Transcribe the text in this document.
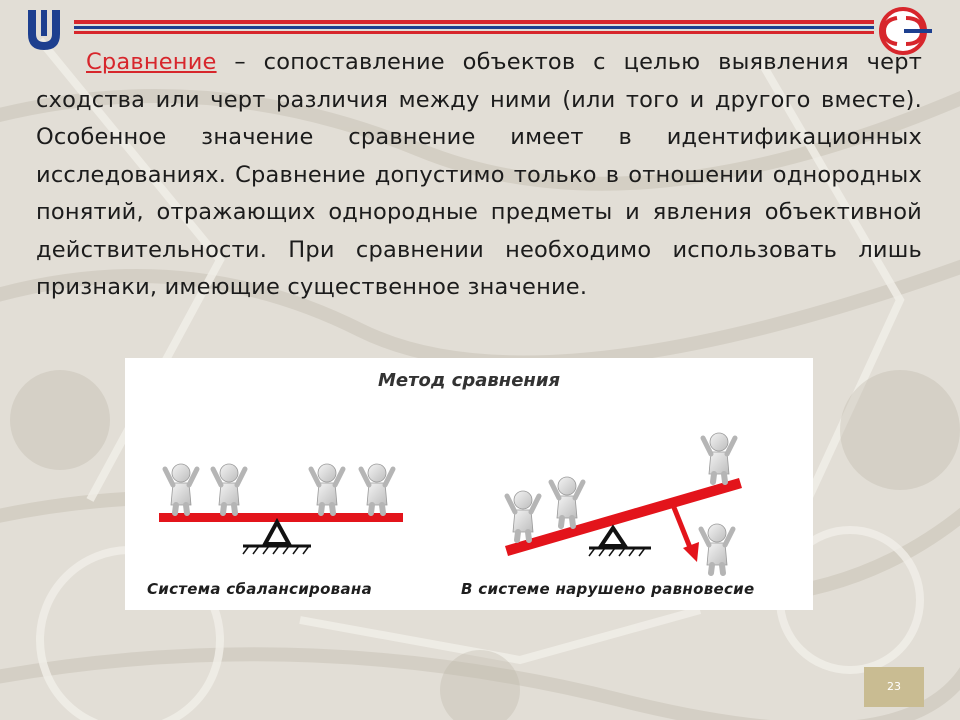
Сравнение – сопоставление объектов с целью выявления черт сходства или черт различия между ними (или того и другого вместе). Особенное значение сравнение имеет в идентификационных исследованиях. Сравнение допустимо только в отношении однородных понятий, отражающих однородные предметы и явления объективной действительности. При сравнении необходимо использовать лишь признаки, имеющие существенное значение.
Метод сравнения
Система сбалансирована	В системе нарушено равновесие
23
